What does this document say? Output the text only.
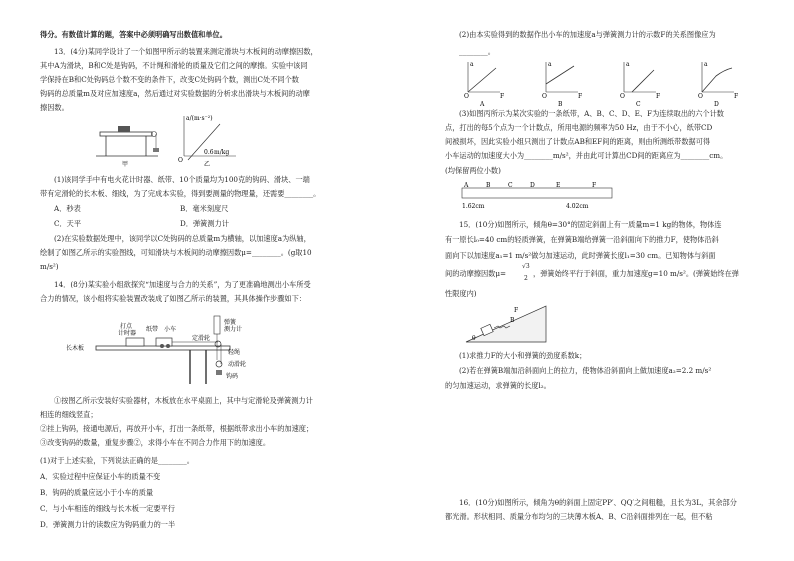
得分。有数值计算的题，答案中必须明确写出数值和单位。
13．(4分)某同学设计了一个如图甲所示的装置来测定滑块与木板间的动摩擦因数，
其中A为滑块，B和C处是钩码，不计绳和滑轮的质量及它们之间的摩擦。实验中该同
学保持在B和C处钩码总个数不变的条件下，改变C处钩码个数，测出C处不同个数
钩码的总质量m及对应加速度a，然后通过对实验数据的分析求出滑块与木板间的动摩
擦因数。
a/(m·s⁻²)
O
m/kg
0.6
甲	乙
(1)该同学手中有电火花计时器、纸带、10个质量均为100克的钩码、滑块、一端
带有定滑轮的长木板、细线，为了完成本实验，得到要测量的物理量，还需要________。
A．秒表	B．毫米刻度尺
C．天平	D．弹簧测力计
(2)在实验数据处理中，该同学以C处钩码的总质量m为横轴，以加速度a为纵轴，
绘制了如图乙所示的实验图线，可知滑块与木板间的动摩擦因数μ=________。(g取10
m/s²)
14．(8分)某实验小组欲探究“加速度与合力的关系”，为了更准确地测出小车所受
合力的情况，该小组将实验装置改装成了如图乙所示的装置，其具体操作步骤如下：
打点
计时器
纸带 小车
定滑轮
弹簧
测力计
长木板
轻绳
动滑轮
钩码
①按图乙所示安装好实验器材，木板放在水平桌面上，其中与定滑轮及弹簧测力计
相连的细线竖直；
②挂上钩码，接通电源后，再放开小车，打出一条纸带，根据纸带求出小车的加速度；
③改变钩码的数量，重复步骤②，求得小车在不同合力作用下的加速度。
(1)对于上述实验，下列说法正确的是________。
A．实验过程中应保证小车的质量不变
B．钩码的质量应远小于小车的质量
C．与小车相连的细线与长木板一定要平行
D．弹簧测力计的读数应为钩码重力的一半
(2)由本实验得到的数据作出小车的加速度a与弹簧测力计的示数F的关系图像应为
________。
a
O	F
A
a
O	F
B
a
O	F
C
a
O	F
D
(3)如图丙所示为某次实验的一条纸带，A、B、C、D、E、F为连续取出的六个计数
点，打出的每5个点为一个计数点，所用电源的频率为50 Hz，由于不小心，纸带CD
间被损坏，因此实验小组只测出了计数点AB和EF间的距离，则由所测纸带数据可得
小车运动的加速度大小为________m/s²，并由此可计算出CD间的距离应为________cm。
(均保留两位小数)
A	B	C	D	E	F
1.62cm	4.02cm
15．(10分)如图所示，倾角θ=30°的固定斜面上有一质量m=1 kg的物体，物体连
有一原长l₀=40 cm的轻质弹簧，在弹簧B端给弹簧一沿斜面向下的推力F，使物体沿斜
面向下以加速度a₁=1 m/s²做匀加速运动，此时弹簧长度l₁=30 cm。已知物体与斜面
间的动摩擦因数μ=
√3
2
，弹簧始终平行于斜面，重力加速度g=10 m/s²。(弹簧始终在弹
性限度内)
B
F
θ
(1)求推力F的大小和弹簧的劲度系数k；
(2)若在弹簧B端加沿斜面向上的拉力，使物体沿斜面向上做加速度a₂=2.2 m/s²
的匀加速运动，求弹簧的长度l₂。
16．(10分)如图所示，倾角为θ的斜面上固定PP′、QQ′之间粗糙，且长为3L，其余部分
都光滑。形状相同、质量分布均匀的三块薄木板A、B、C沿斜面排列在一起，但不粘
